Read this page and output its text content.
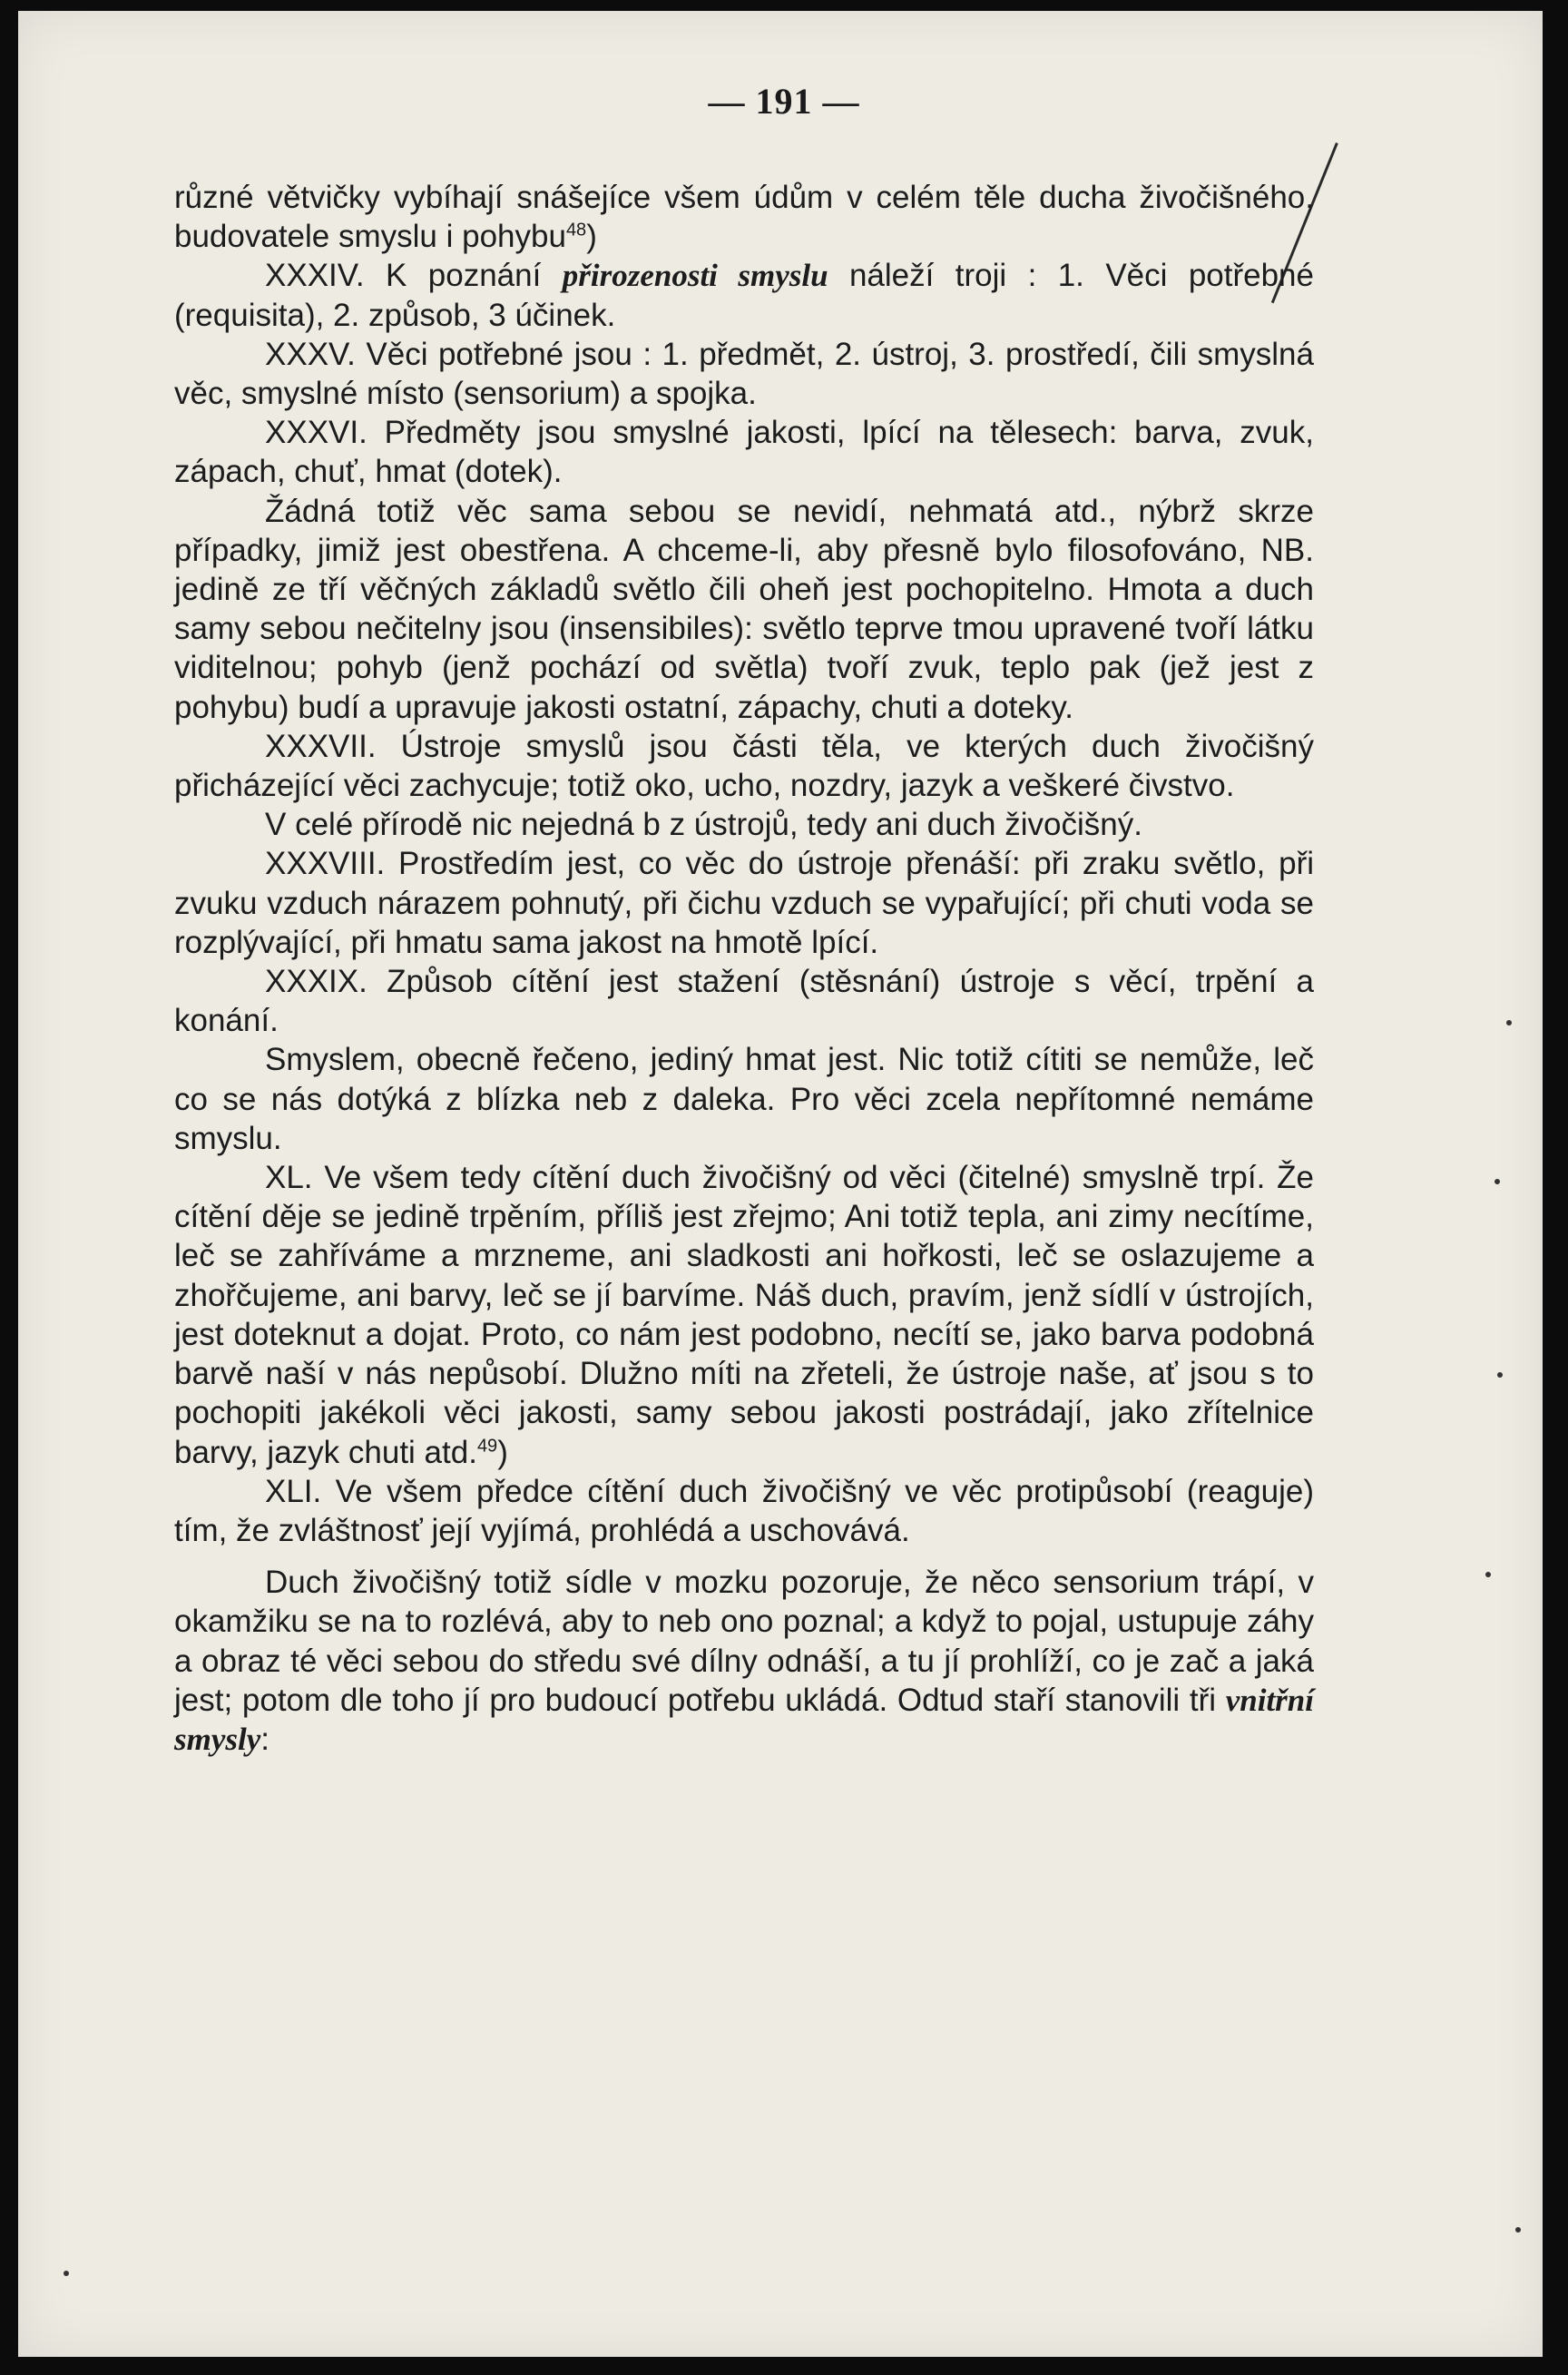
— 191 —

různé větvičky vybíhají snášejíce všem údům v celém těle ducha živočišného, budovatele smyslu i pohybu$^{48}$)

XXXIV. K poznání přirozenosti smyslu náleží troji : 1. Věci potřebné (requisita), 2. způsob, 3 účinek.

XXXV. Věci potřebné jsou : 1. předmět, 2. ústroj, 3. prostředí, čili smyslná věc, smyslné místo (sensorium) a spojka.

XXXVI. Předměty jsou smyslné jakosti, lpící na tělesech: barva, zvuk, zápach, chuť, hmat (dotek).

Žádná totiž věc sama sebou se nevidí, nehmatá atd., nýbrž skrze případky, jimiž jest obestřena. A chceme-li, aby přesně bylo filosofováno, NB. jedině ze tří věčných základů světlo čili oheň jest pochopitelno. Hmota a duch samy sebou nečitelny jsou (insensibiles): světlo teprve tmou upravené tvoří látku viditelnou; pohyb (jenž pochází od světla) tvoří zvuk, teplo pak (jež jest z pohybu) budí a upravuje jakosti ostatní, zápachy, chuti a doteky.

XXXVII. Ústroje smyslů jsou části těla, ve kterých duch živočišný přicházející věci zachycuje; totiž oko, ucho, nozdry, jazyk a veškeré čivstvo.

V celé přírodě nic nejedná b z ústrojů, tedy ani duch živočišný.

XXXVIII. Prostředím jest, co věc do ústroje přenáší: při zraku světlo, při zvuku vzduch nárazem pohnutý, při čichu vzduch se vypařující; při chuti voda se rozplývající, při hmatu sama jakost na hmotě lpící.

XXXIX. Způsob cítění jest stažení (stěsnání) ústroje s věcí, trpění a konání.

Smyslem, obecně řečeno, jediný hmat jest. Nic totiž cítiti se nemůže, leč co se nás dotýká z blízka neb z daleka. Pro věci zcela nepřítomné nemáme smyslu.

XL. Ve všem tedy cítění duch živočišný od věci (čitelné) smyslně trpí. Že cítění děje se jedině trpěním, příliš jest zřejmo; Ani totiž tepla, ani zimy necítíme, leč se zahříváme a mrzneme, ani sladkosti ani hořkosti, leč se oslazujeme a zhořčujeme, ani barvy, leč se jí barvíme. Náš duch, pravím, jenž sídlí v ústrojích, jest doteknut a dojat. Proto, co nám jest podobno, necítí se, jako barva podobná barvě naší v nás nepůsobí. Dlužno míti na zřeteli, že ústroje naše, ať jsou s to pochopiti jakékoli věci jakosti, samy sebou jakosti postrádají, jako zřítelnice barvy, jazyk chuti atd.$^{49}$)

XLI. Ve všem předce cítění duch živočišný ve věc protipůsobí (reaguje) tím, že zvláštnosť její vyjímá, prohlédá a uschovává.

Duch živočišný totiž sídle v mozku pozoruje, že něco sensorium trápí, v okamžiku se na to rozlévá, aby to neb ono poznal; a když to pojal, ustupuje záhy a obraz té věci sebou do středu své dílny odnáší, a tu jí prohlíží, co je zač a jaká jest; potom dle toho jí pro budoucí potřebu ukládá. Odtud staří stanovili tři vnitřní smysly:
